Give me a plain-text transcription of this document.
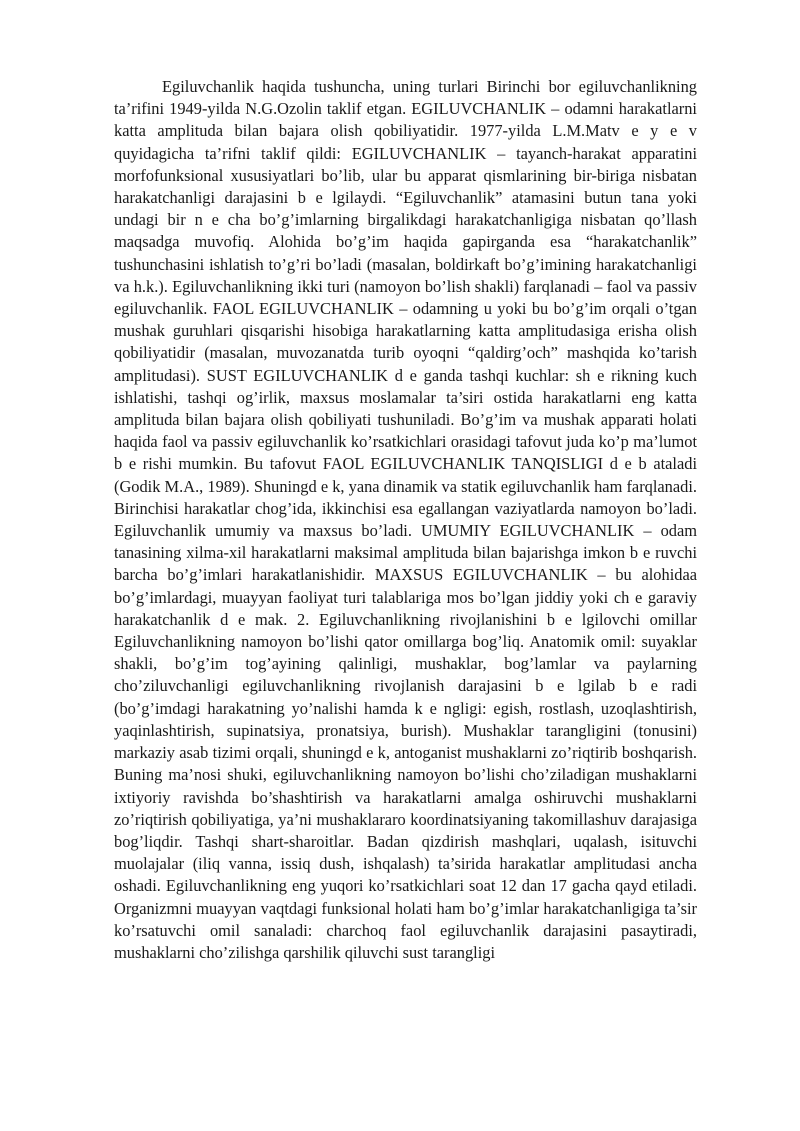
Egiluvchanlik haqida tushuncha, uning turlari Birinchi bor egiluvchanlikning ta’rifini 1949-yilda N.G.Ozolin taklif etgan. EGILUVCHANLIK – odamni harakatlarni katta amplituda bilan bajara olish qobiliyatidir. 1977-yilda L.M.Matv e y e v quyidagicha ta’rifni taklif qildi: EGILUVCHANLIK – tayanch-harakat apparatini morfofunksional xususiyatlari bo’lib, ular bu apparat qismlarining bir-biriga nisbatan harakatchanligi darajasini b e lgilaydi. “Egiluvchanlik” atamasini butun tana yoki undagi bir n e cha bo’g’imlarning birgalikdagi harakatchanligiga nisbatan qo’llash maqsadga muvofiq. Alohida bo’g’im haqida gapirganda esa “harakatchanlik” tushunchasini ishlatish to’g’ri bo’ladi (masalan, boldirkaft bo’g’imining harakatchanligi va h.k.). Egiluvchanlikning ikki turi (namoyon bo’lish shakli) farqlanadi – faol va passiv egiluvchanlik. FAOL EGILUVCHANLIK – odamning u yoki bu bo’g’im orqali o’tgan mushak guruhlari qisqarishi hisobiga harakatlarning katta amplitudasiga erisha olish qobiliyatidir (masalan, muvozanatda turib oyoqni “qaldirg’och” mashqida ko’tarish amplitudasi). SUST EGILUVCHANLIK d e ganda tashqi kuchlar: sh e rikning kuch ishlatishi, tashqi og’irlik, maxsus moslamalar ta’siri ostida harakatlarni eng katta amplituda bilan bajara olish qobiliyati tushuniladi. Bo’g’im va mushak apparati holati haqida faol va passiv egiluvchanlik ko’rsatkichlari orasidagi tafovut juda ko’p ma’lumot b e rishi mumkin. Bu tafovut FAOL EGILUVCHANLIK TANQISLIGI d e b ataladi (Godik M.A., 1989). Shuningd e k, yana dinamik va statik egiluvchanlik ham farqlanadi. Birinchisi harakatlar chog’ida, ikkinchisi esa egallangan vaziyatlarda namoyon bo’ladi. Egiluvchanlik umumiy va maxsus bo’ladi. UMUMIY EGILUVCHANLIK – odam tanasining xilma-xil harakatlarni maksimal amplituda bilan bajarishga imkon b e ruvchi barcha bo’g’imlari harakatlanishidir. MAXSUS EGILUVCHANLIK – bu alohidaa bo’g’imlardagi, muayyan faoliyat turi talablariga mos bo’lgan jiddiy yoki ch e garaviy harakatchanlik d e mak. 2. Egiluvchanlikning rivojlanishini b e lgilovchi omillar Egiluvchanlikning namoyon bo’lishi qator omillarga bog’liq. Anatomik omil: suyaklar shakli, bo’g’im tog’ayining qalinligi, mushaklar, bog’lamlar va paylarning cho’ziluvchanligi egiluvchanlikning rivojlanish darajasini b e lgilab b e radi (bo’g’imdagi harakatning yo’nalishi hamda k e ngligi: egish, rostlash, uzoqlashtirish, yaqinlashtirish, supinatsiya, pronatsiya, burish). Mushaklar tarangligini (tonusini) markaziy asab tizimi orqali, shuningd e k, antoganist mushaklarni zo’riqtirib boshqarish. Buning ma’nosi shuki, egiluvchanlikning namoyon bo’lishi cho’ziladigan mushaklarni ixtiyoriy ravishda bo’shashtirish va harakatlarni amalga oshiruvchi mushaklarni zo’riqtirish qobiliyatiga, ya’ni mushaklararo koordinatsiyaning takomillashuv darajasiga bog’liqdir. Tashqi shart-sharoitlar. Badan qizdirish mashqlari, uqalash, isituvchi muolajalar (iliq vanna, issiq dush, ishqalash) ta’sirida harakatlar amplitudasi ancha oshadi. Egiluvchanlikning eng yuqori ko’rsatkichlari soat 12 dan 17 gacha qayd etiladi. Organizmni muayyan vaqtdagi funksional holati ham bo’g’imlar harakatchanligiga ta’sir ko’rsatuvchi omil sanaladi: charchoq faol egiluvchanlik darajasini pasaytiradi, mushaklarni cho’zilishga qarshilik qiluvchi sust tarangligi
